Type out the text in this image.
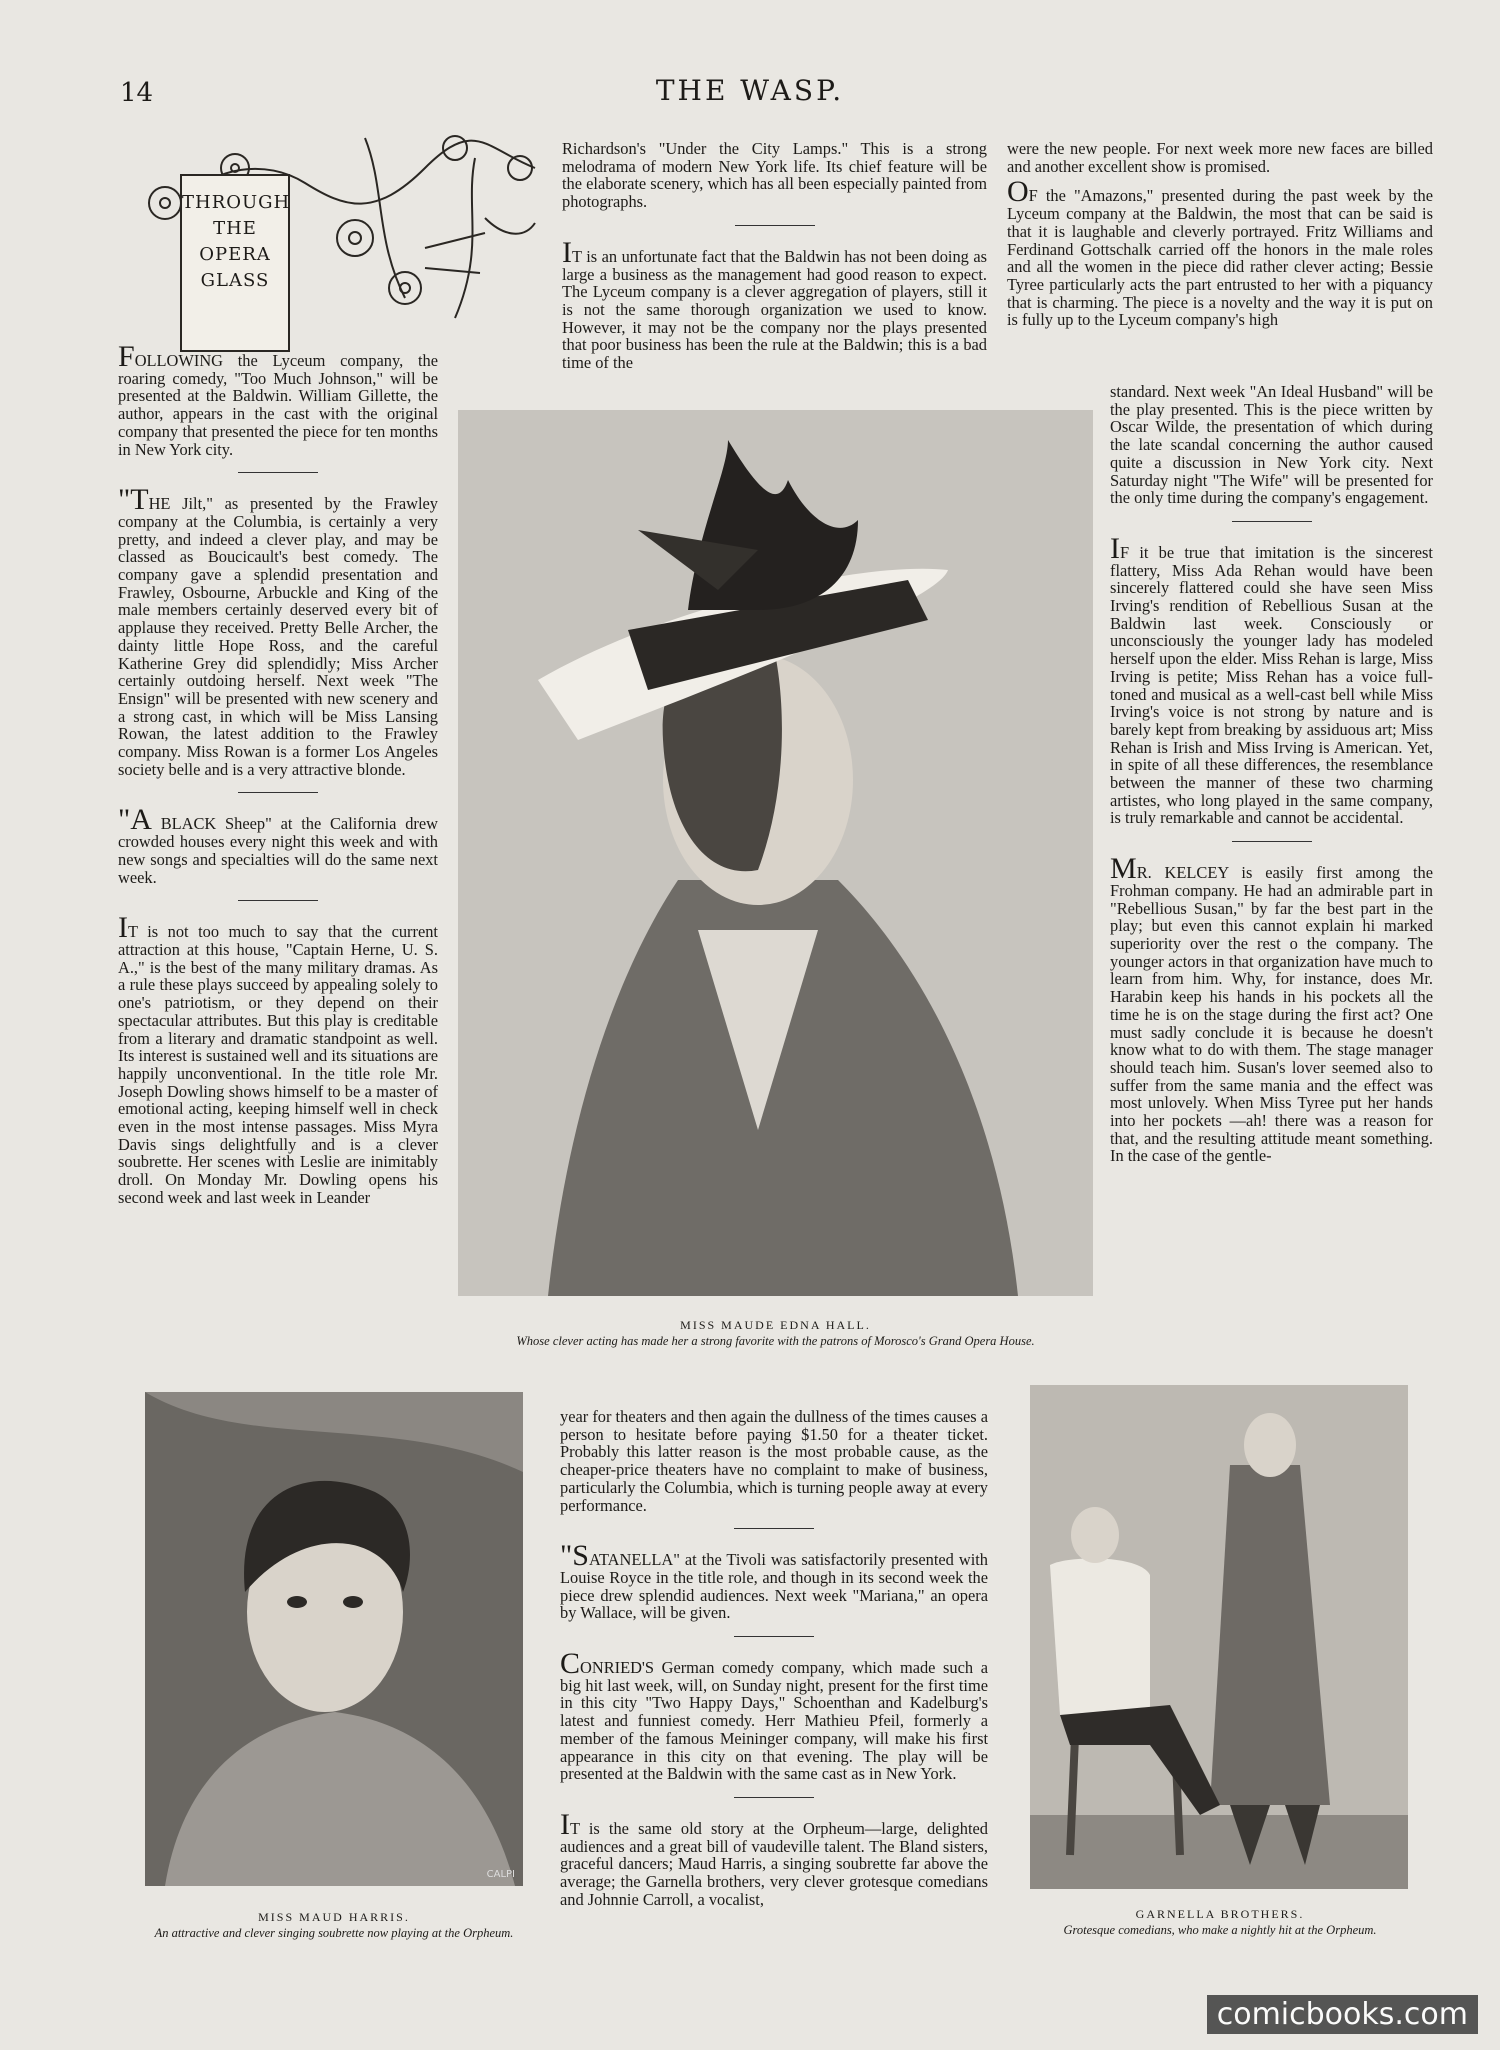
14	THE WASP.
THROUGH
THE
OPERA
GLASS

FOLLOWING the Lyceum company, the roaring comedy, "Too Much Johnson," will be presented at the Baldwin. William Gillette, the author, appears in the cast with the original company that presented the piece for ten months in New York city.

"THE Jilt," as presented by the Frawley company at the Columbia, is certainly a very pretty, and indeed a clever play, and may be classed as Boucicault's best comedy. The company gave a splendid presentation and Frawley, Osbourne, Arbuckle and King of the male members certainly deserved every bit of applause they received. Pretty Belle Archer, the dainty little Hope Ross, and the careful Katherine Grey did splendidly; Miss Archer certainly outdoing herself. Next week "The Ensign" will be presented with new scenery and a strong cast, in which will be Miss Lansing Rowan, the latest addition to the Frawley company. Miss Rowan is a former Los Angeles society belle and is a very attractive blonde.

"A BLACK Sheep" at the California drew crowded houses every night this week and with new songs and specialties will do the same next week.

IT is not too much to say that the current attraction at this house, "Captain Herne, U. S. A.," is the best of the many military dramas. As a rule these plays succeed by appealing solely to one's patriotism, or they depend on their spectacular attributes. But this play is creditable from a literary and dramatic standpoint as well. Its interest is sustained well and its situations are happily unconventional. In the title role Mr. Joseph Dowling shows himself to be a master of emotional acting, keeping himself well in check even in the most intense passages. Miss Myra Davis sings delightfully and is a clever soubrette. Her scenes with Leslie are inimitably droll. On Monday Mr. Dowling opens his second week and last week in Leander

Richardson's "Under the City Lamps." This is a strong melodrama of modern New York life. Its chief feature will be the elaborate scenery, which has all been especially painted from photographs.

IT is an unfortunate fact that the Baldwin has not been doing as large a business as the management had good reason to expect. The Lyceum company is a clever aggregation of players, still it is not the same thorough organization we used to know. However, it may not be the company nor the plays presented that poor business has been the rule at the Baldwin; this is a bad time of the

were the new people. For next week more new faces are billed and another excellent show is promised.

OF the "Amazons," presented during the past week by the Lyceum company at the Baldwin, the most that can be said is that it is laughable and cleverly portrayed. Fritz Williams and Ferdinand Gottschalk carried off the honors in the male roles and all the women in the piece did rather clever acting; Bessie Tyree particularly acts the part entrusted to her with a piquancy that is charming. The piece is a novelty and the way it is put on is fully up to the Lyceum company's high

standard. Next week "An Ideal Husband" will be the play presented. This is the piece written by Oscar Wilde, the presentation of which during the late scandal concerning the author caused quite a discussion in New York city. Next Saturday night "The Wife" will be presented for the only time during the company's engagement.

IF it be true that imitation is the sincerest flattery, Miss Ada Rehan would have been sincerely flattered could she have seen Miss Irving's rendition of Rebellious Susan at the Baldwin last week. Consciously or unconsciously the younger lady has modeled herself upon the elder. Miss Rehan is large, Miss Irving is petite; Miss Rehan has a voice full-toned and musical as a well-cast bell while Miss Irving's voice is not strong by nature and is barely kept from breaking by assiduous art; Miss Rehan is Irish and Miss Irving is American. Yet, in spite of all these differences, the resemblance between the manner of these two charming artistes, who long played in the same company, is truly remarkable and cannot be accidental.

MR. KELCEY is easily first among the Frohman company. He had an admirable part in "Rebellious Susan," by far the best part in the play; but even this cannot explain hi marked superiority over the rest o the company. The younger actors in that organization have much to learn from him. Why, for instance, does Mr. Harabin keep his hands in his pockets all the time he is on the stage during the first act? One must sadly conclude it is because he doesn't know what to do with them. The stage manager should teach him. Susan's lover seemed also to suffer from the same mania and the effect was most unlovely. When Miss Tyree put her hands into her pockets —ah! there was a reason for that, and the resulting attitude meant something. In the case of the gentle-

MISS MAUDE EDNA HALL.
Whose clever acting has made her a strong favorite with the patrons of Morosco's Grand Opera House.
CALPI
MISS MAUD HARRIS.
An attractive and clever singing soubrette now playing at the Orpheum.

year for theaters and then again the dullness of the times causes a person to hesitate before paying $1.50 for a theater ticket. Probably this latter reason is the most probable cause, as the cheaper-price theaters have no complaint to make of business, particularly the Columbia, which is turning people away at every performance.

"SATANELLA" at the Tivoli was satisfactorily presented with Louise Royce in the title role, and though in its second week the piece drew splendid audiences. Next week "Mariana," an opera by Wallace, will be given.

CONRIED'S German comedy company, which made such a big hit last week, will, on Sunday night, present for the first time in this city "Two Happy Days," Schoenthan and Kadelburg's latest and funniest comedy. Herr Mathieu Pfeil, formerly a member of the famous Meininger company, will make his first appearance in this city on that evening. The play will be presented at the Baldwin with the same cast as in New York.

IT is the same old story at the Orpheum—large, delighted audiences and a great bill of vaudeville talent. The Bland sisters, graceful dancers; Maud Harris, a singing soubrette far above the average; the Garnella brothers, very clever grotesque comedians and Johnnie Carroll, a vocalist,

GARNELLA BROTHERS.
Grotesque comedians, who make a nightly hit at the Orpheum.
comicbooks.com
